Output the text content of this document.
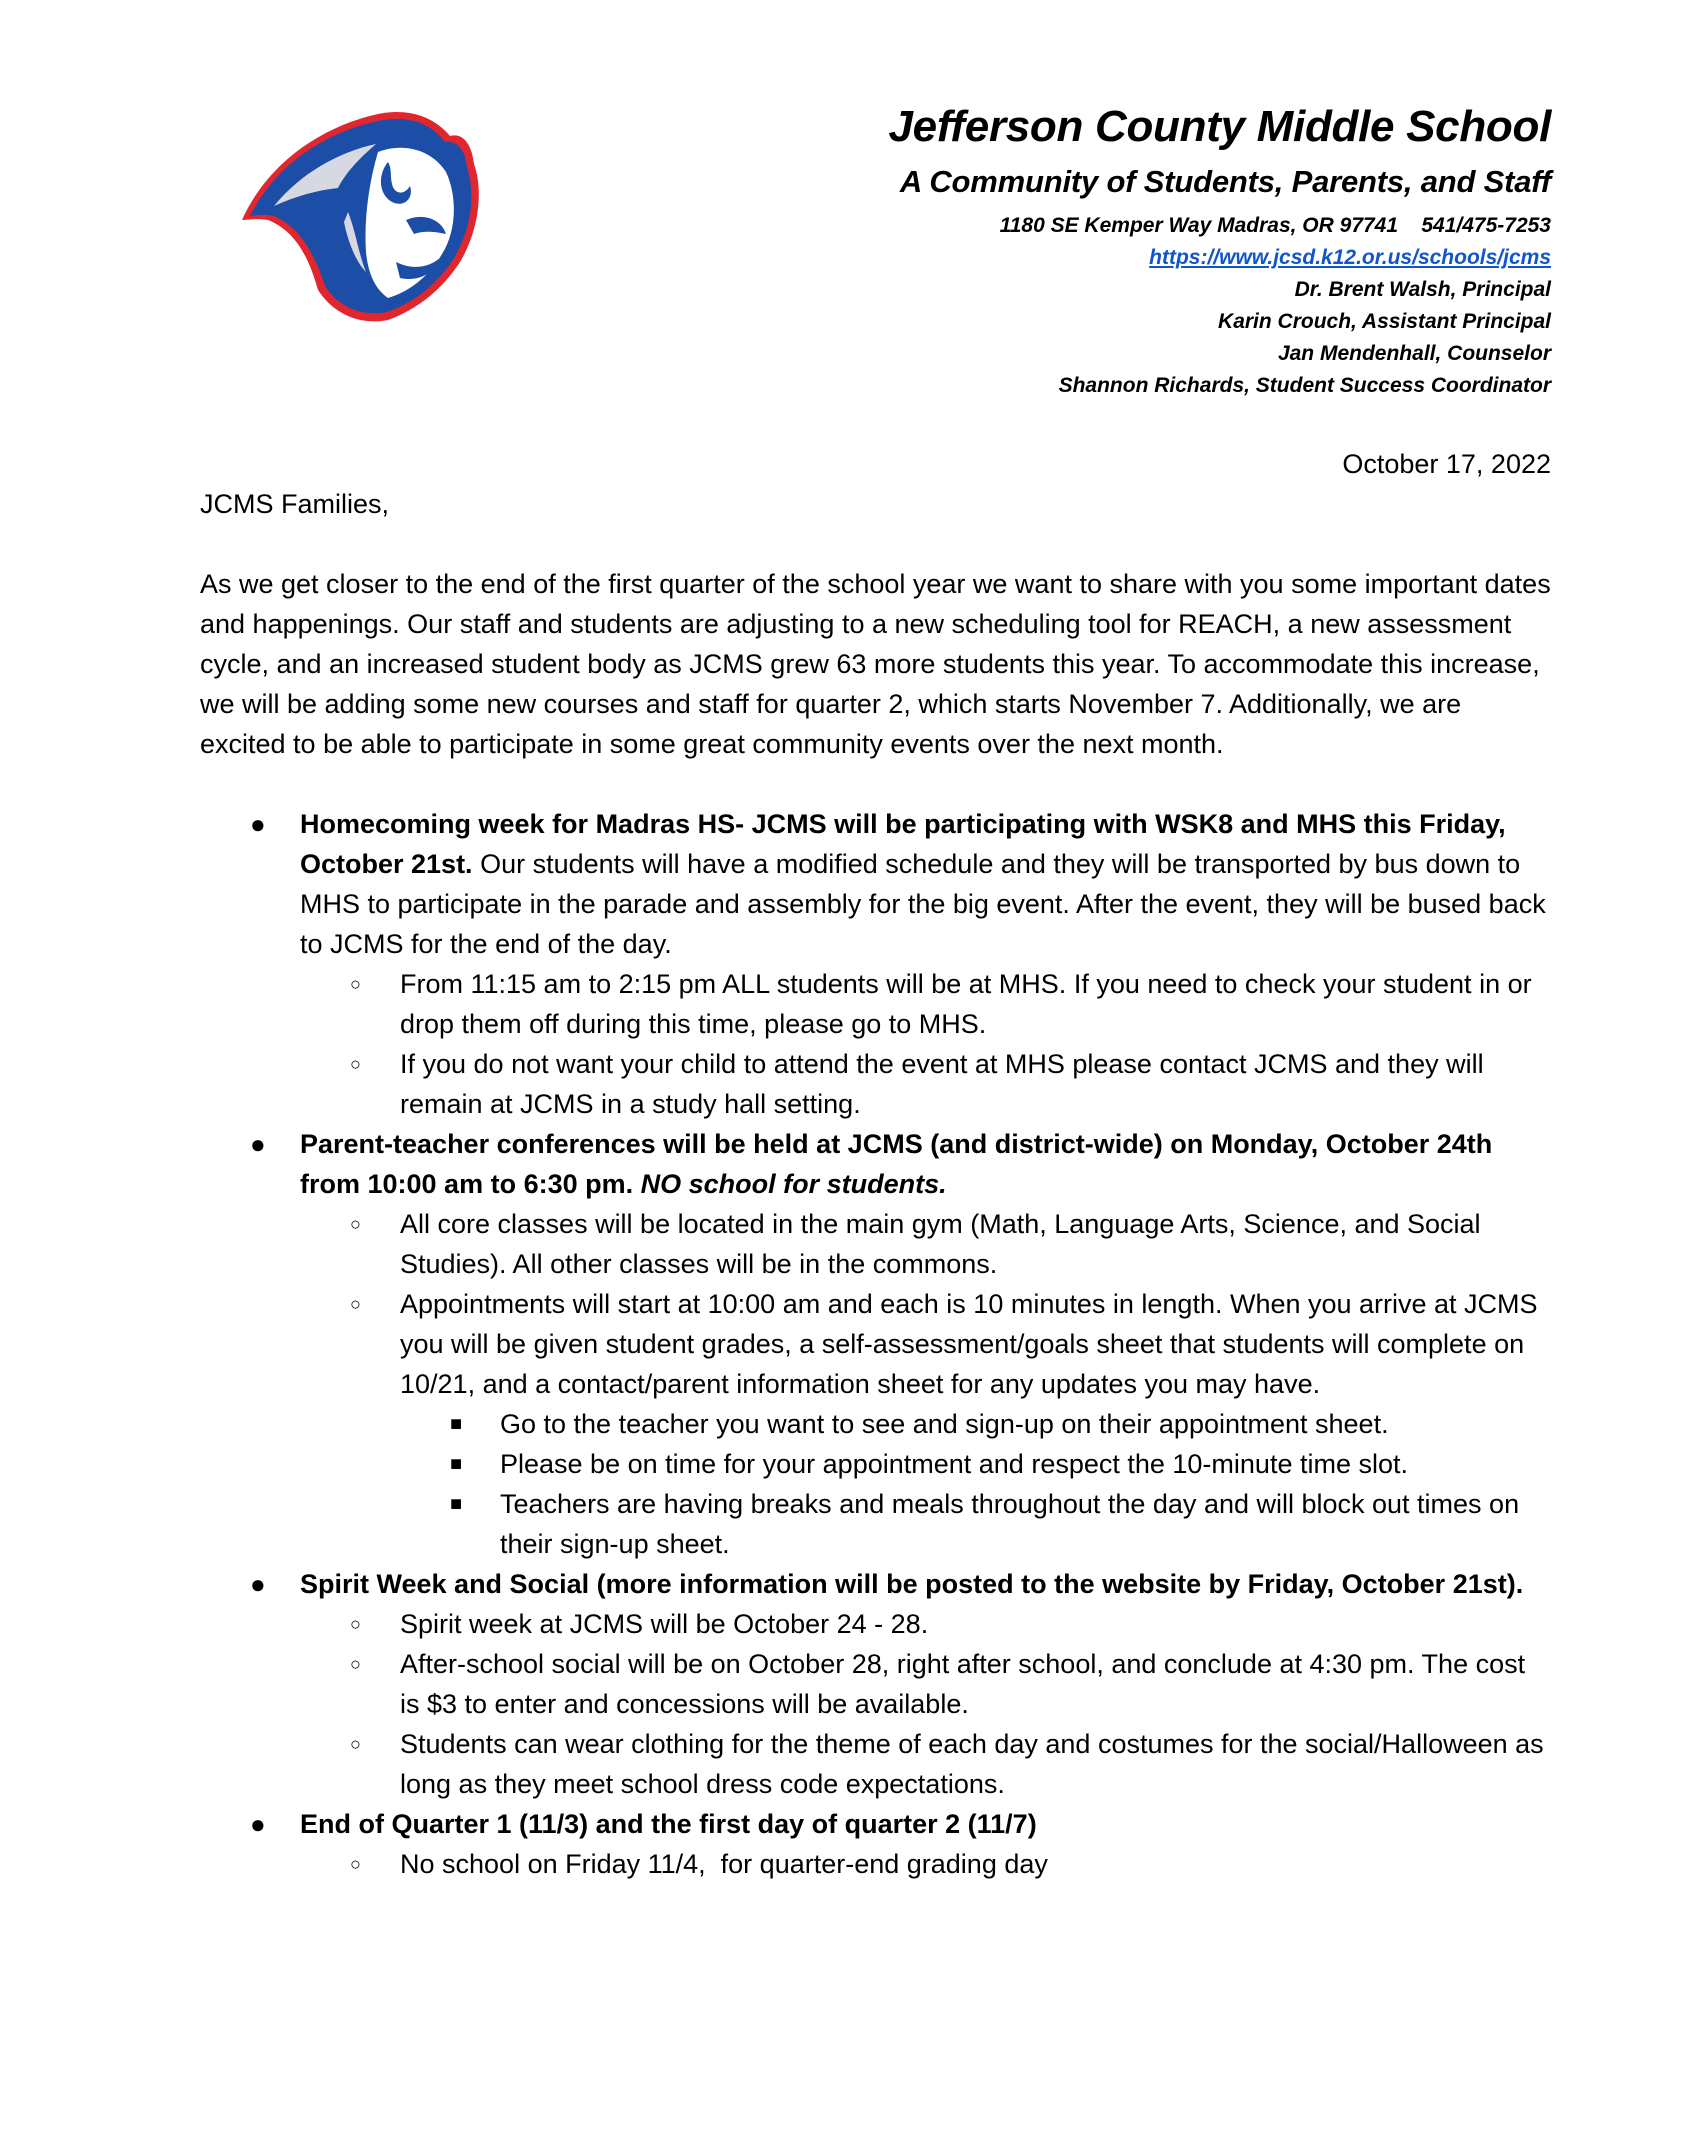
Jefferson County Middle School
A Community of Students, Parents, and Staff
1180 SE Kemper Way Madras, OR 97741    541/475-7253
https://www.jcsd.k12.or.us/schools/jcms
Dr. Brent Walsh, Principal
Karin Crouch, Assistant Principal
Jan Mendenhall, Counselor
Shannon Richards, Student Success Coordinator
October 17, 2022

JCMS Families,

As we get closer to the end of the first quarter of the school year we want to share with you some important dates and happenings. Our staff and students are adjusting to a new scheduling tool for REACH, a new assessment cycle, and an increased student body as JCMS grew 63 more students this year. To accommodate this increase, we will be adding some new courses and staff for quarter 2, which starts November 7. Additionally, we are excited to be able to participate in some great community events over the next month.

● Homecoming week for Madras HS- JCMS will be participating with WSK8 and MHS this Friday, October 21st. Our students will have a modified schedule and they will be transported by bus down to MHS to participate in the parade and assembly for the big event. After the event, they will be bused back to JCMS for the end of the day.
○ From 11:15 am to 2:15 pm ALL students will be at MHS. If you need to check your student in or drop them off during this time, please go to MHS.
○ If you do not want your child to attend the event at MHS please contact JCMS and they will remain at JCMS in a study hall setting.
● Parent-teacher conferences will be held at JCMS (and district-wide) on Monday, October 24th from 10:00 am to 6:30 pm. NO school for students.
○ All core classes will be located in the main gym (Math, Language Arts, Science, and Social Studies). All other classes will be in the commons.
○ Appointments will start at 10:00 am and each is 10 minutes in length. When you arrive at JCMS you will be given student grades, a self-assessment/goals sheet that students will complete on 10/21, and a contact/parent information sheet for any updates you may have.
■ Go to the teacher you want to see and sign-up on their appointment sheet.
■ Please be on time for your appointment and respect the 10-minute time slot.
■ Teachers are having breaks and meals throughout the day and will block out times on their sign-up sheet.
● Spirit Week and Social (more information will be posted to the website by Friday, October 21st).
○ Spirit week at JCMS will be October 24 - 28.
○ After-school social will be on October 28, right after school, and conclude at 4:30 pm. The cost is $3 to enter and concessions will be available.
○ Students can wear clothing for the theme of each day and costumes for the social/Halloween as long as they meet school dress code expectations.
● End of Quarter 1 (11/3) and the first day of quarter 2 (11/7)
○ No school on Friday 11/4,  for quarter-end grading day
